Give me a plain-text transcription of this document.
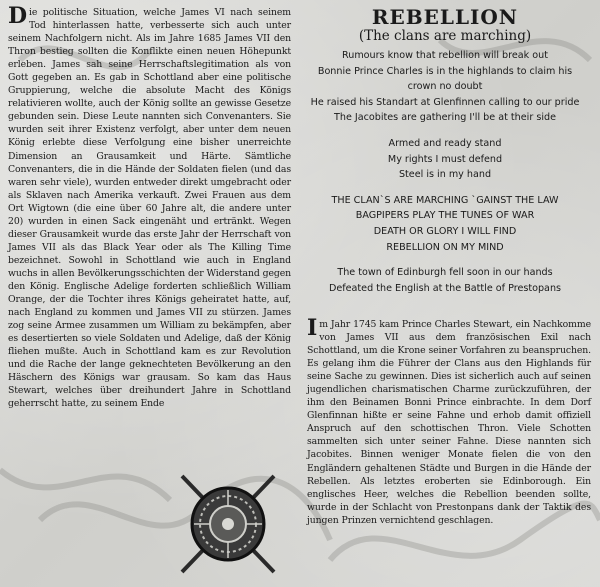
Die politische Situation, welche James VI nach seinem Tod hinterlassen hatte, verbesserte sich auch unter seinem Nachfolgern nicht. Als im Jahre 1685 James VII den Thron bestieg sollten die Konflikte einen neuen Höhepunkt erleben. James sah seine Herrschaftslegitimation als von Gott gegeben an. Es gab in Schottland aber eine politische Gruppierung, welche die absolute Macht des Königs relativieren wollte, auch der König sollte an gewisse Gesetze gebunden sein. Diese Leute nannten sich Convenanters. Sie wurden seit ihrer Existenz verfolgt, aber unter dem neuen König erlebte diese Verfolgung eine bisher unerreichte Dimension an Grausamkeit und Härte. Sämtliche Convenanters, die in die Hände der Soldaten fielen (und das waren sehr viele), wurden entweder direkt umgebracht oder als Sklaven nach Amerika verkauft. Zwei Frauen aus dem Ort Wigtown (die eine über 60 Jahre alt, die andere unter 20) wurden in einen Sack eingenäht und ertränkt. Wegen dieser Grausamkeit wurde das erste Jahr der Herrschaft von James VII als das Black Year oder als The Killing Time bezeichnet. Sowohl in Schottland wie auch in England wuchs in allen Bevölkerungsschichten der Widerstand gegen den König. Englische Adelige forderten schließlich William Orange, der die Tochter ihres Königs geheiratet hatte, auf, nach England zu kommen und James VII zu stürzen. James zog seine Armee zusammen um William zu bekämpfen, aber es desertierten so viele Soldaten und Adelige, daß der König fliehen mußte. Auch in Schottland kam es zur Revolution und die Rache der lange geknechteten Bevölkerung an den Häschern des Königs war grausam. So kam das Haus Stewart, welches über dreihundert Jahre in Schottland geherrscht hatte, zu seinem Ende
REBELLION
(The clans are marching)
Rumours know that rebellion will break out
Bonnie Prince Charles is in the highlands to claim his
crown no doubt
He raised his Standart at Glenfinnen calling to our pride
The Jacobites are gathering I'll be at their side
Armed and ready stand
My rights I must defend
Steel is in my hand
THE CLAN`S ARE MARCHING `GAINST THE LAW
BAGPIPERS PLAY THE TUNES OF WAR
DEATH OR GLORY I WILL FIND
REBELLION ON MY MIND
The town of Edinburgh fell soon in our hands
Defeated the English at the Battle of Prestopans
Im Jahr 1745 kam Prince Charles Stewart, ein Nachkomme von James VII aus dem französischen Exil nach Schottland, um die Krone seiner Vorfahren zu beanspruchen. Es gelang ihm die Führer der Clans aus den Highlands für seine Sache zu gewinnen. Dies ist sicherlich auch auf seinen jugendlichen charismatischen Charme zurückzuführen, der ihm den Beinamen Bonni Prince einbrachte. In dem Dorf Glenfinnan hißte er seine Fahne und erhob damit offiziell Anspruch auf den schottischen Thron. Viele Schotten sammelten sich unter seiner Fahne. Diese nannten sich Jacobites. Binnen weniger Monate fielen die von den Engländern gehaltenen Städte und Burgen in die Hände der Rebellen. Als letztes eroberten sie Edinborough. Ein englisches Heer, welches die Rebellion beenden sollte, wurde in der Schlacht von Prestonpans dank der Taktik des jungen Prinzen vernichtend geschlagen.
